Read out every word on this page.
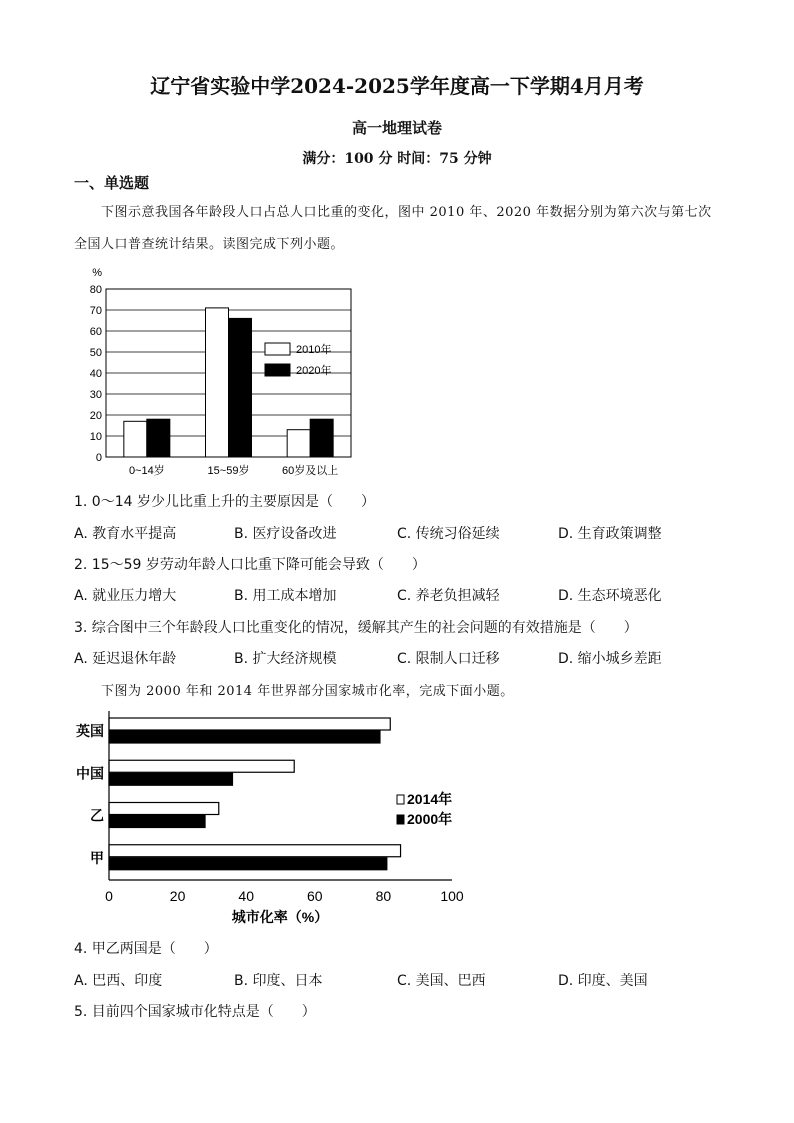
辽宁省实验中学2024-2025学年度高一下学期4月月考
高一地理试卷
满分：100 分 时间：75 分钟
一、单选题
下图示意我国各年龄段人口占总人口比重的变化，图中 2010 年、2020 年数据分别为第六次与第七次
全国人口普查统计结果。读图完成下列小题。
%
0
10
20
30
40
50
60
70
80
0~14岁	15~59岁	60岁及以上
2010年
2020年
1. 0～14 岁少儿比重上升的主要原因是（　　）
A. 教育水平提高	B. 医疗设备改进	C. 传统习俗延续	D. 生育政策调整
2. 15～59 岁劳动年龄人口比重下降可能会导致（　　）
A. 就业压力增大	B. 用工成本增加	C. 养老负担减轻	D. 生态环境恶化
3. 综合图中三个年龄段人口比重变化的情况，缓解其产生的社会问题的有效措施是（　　）
A. 延迟退休年龄	B. 扩大经济规模	C. 限制人口迁移	D. 缩小城乡差距
下图为 2000 年和 2014 年世界部分国家城市化率，完成下面小题。
英国
中国
乙
甲
0	20	40	60	80	100
城市化率（%）
2014年
2000年
4. 甲乙两国是（　　）
A. 巴西、印度	B. 印度、日本	C. 美国、巴西	D. 印度、美国
5. 目前四个国家城市化特点是（　　）
